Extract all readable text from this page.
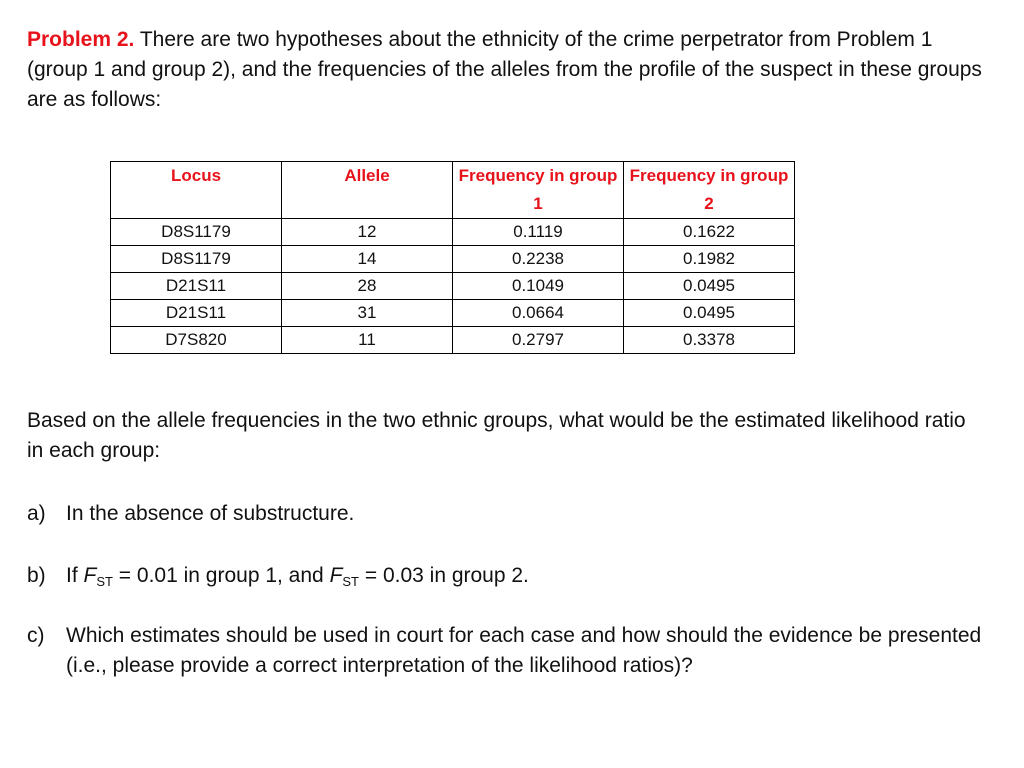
Problem 2. There are two hypotheses about the ethnicity of the crime perpetrator from Problem 1 (group 1 and group 2), and the frequencies of the alleles from the profile of the suspect in these groups are as follows:
Locus	Allele	Frequency in group 1	Frequency in group 2
D8S1179	12	0.1119	0.1622
D8S1179	14	0.2238	0.1982
D21S11	28	0.1049	0.0495
D21S11	31	0.0664	0.0495
D7S820	11	0.2797	0.3378
Based on the allele frequencies in the two ethnic groups, what would be the estimated likelihood ratio in each group:
a) In the absence of substructure.
b) If $F_{ST} = 0.01$ in group 1, and $F_{ST} = 0.03$ in group 2.
c) Which estimates should be used in court for each case and how should the evidence be presented (i.e., please provide a correct interpretation of the likelihood ratios)?
